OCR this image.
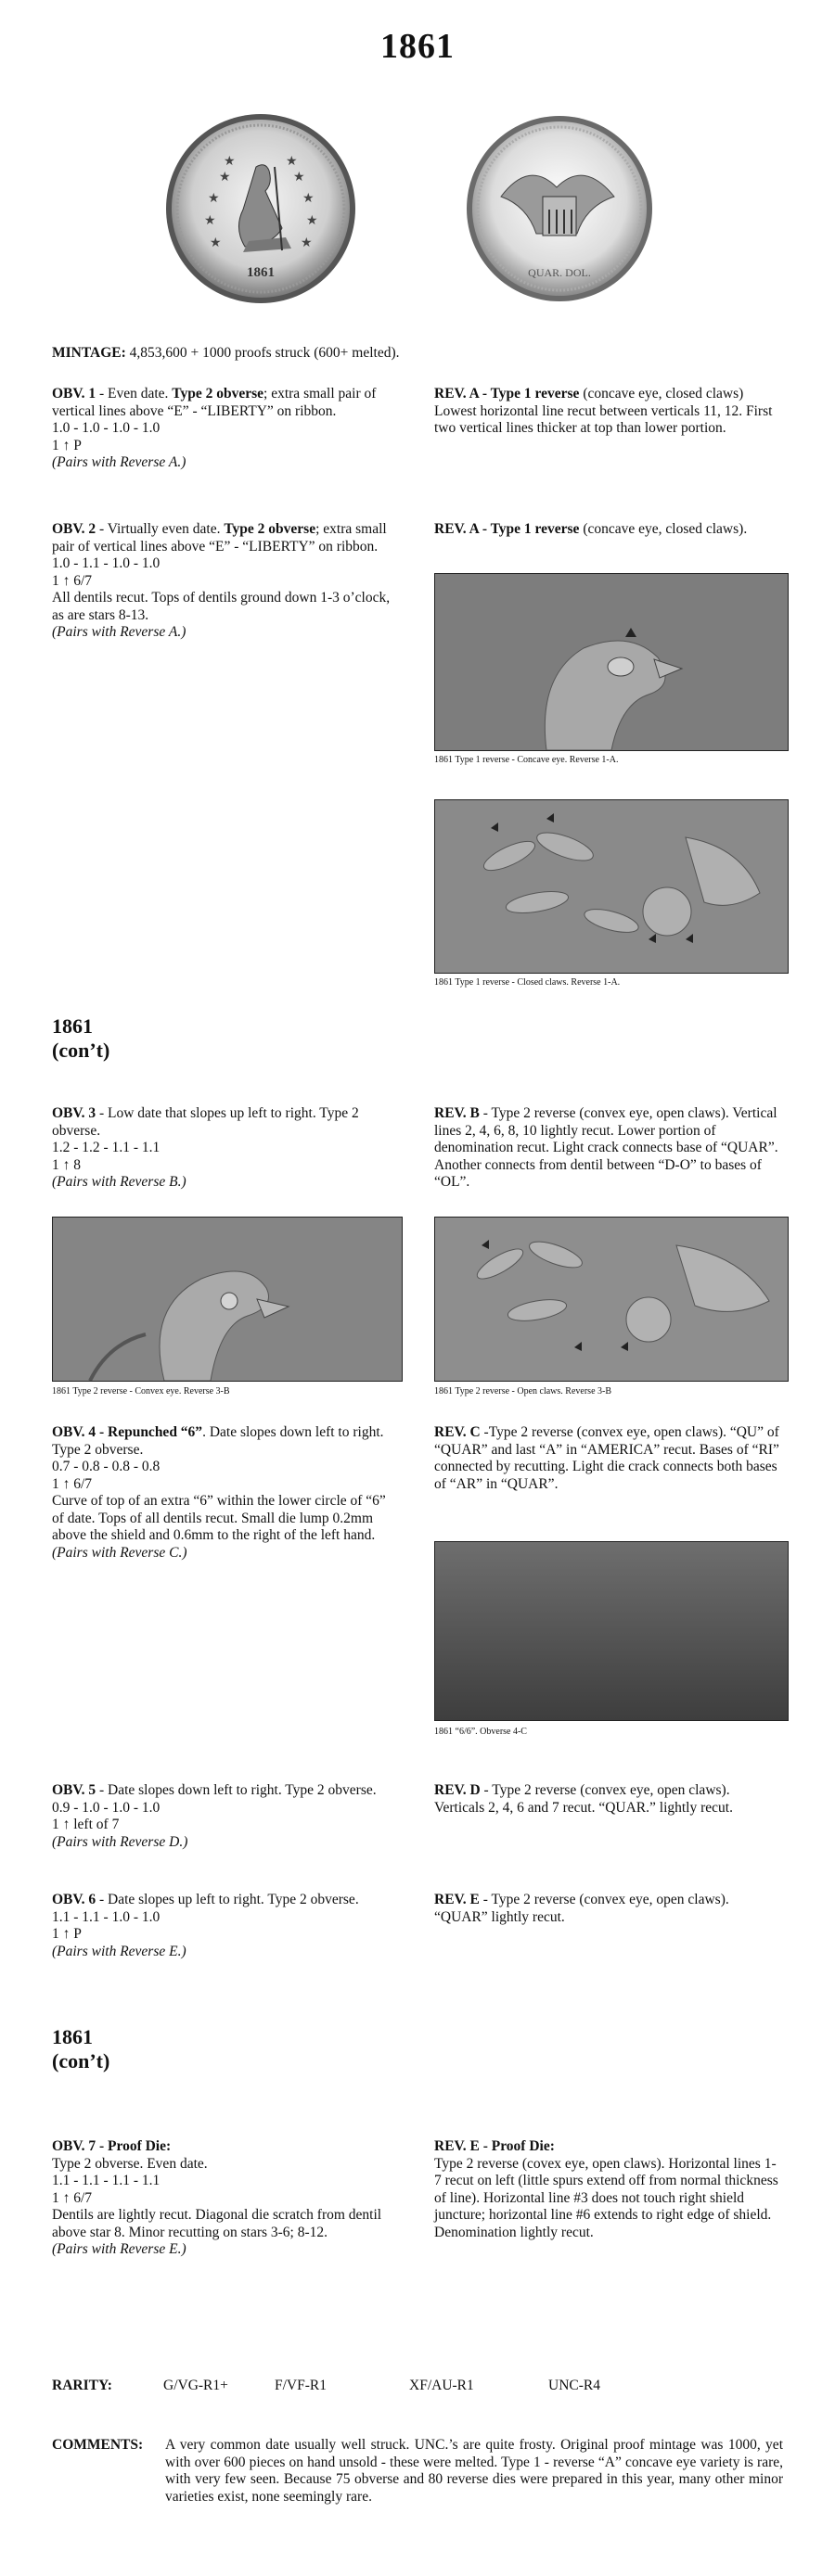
1861
★
★
★
★
★
★
★
★
★
★
1861	QUAR. DOL.
MINTAGE: 4,853,600 + 1000 proofs struck (600+ melted).
OBV. 1 - Even date. Type 2 obverse; extra small pair of vertical lines above “E” - “LIBERTY” on ribbon.
1.0 - 1.0 - 1.0 - 1.0
1 ↑ P
(Pairs with Reverse A.)
OBV. 2 - Virtually even date. Type 2 obverse; extra small pair of vertical lines above “E” - “LIBERTY” on ribbon.
1.0 - 1.1 - 1.0 - 1.0
1 ↑ 6/7
All dentils recut. Tops of dentils ground down 1-3 o’clock, as are stars 8-13.
(Pairs with Reverse A.)
REV. A - Type 1 reverse (concave eye, closed claws) Lowest horizontal line recut between verticals 11, 12. First two vertical lines thicker at top than lower portion.
REV. A - Type 1 reverse (concave eye, closed claws).
1861 Type 1 reverse - Concave eye. Reverse 1-A.
1861 Type 1 reverse - Closed claws. Reverse 1-A.
1861
(con’t)
OBV. 3 - Low date that slopes up left to right. Type 2 obverse.
1.2 - 1.2 - 1.1 - 1.1
1 ↑ 8
(Pairs with Reverse B.)
REV. B - Type 2 reverse (convex eye, open claws). Vertical lines 2, 4, 6, 8, 10 lightly recut. Lower portion of denomination recut. Light crack connects base of “QUAR”. Another connects from dentil between “D-O” to bases of “OL”.
1861 Type 2 reverse - Convex eye. Reverse 3-B	1861 Type 2 reverse - Open claws. Reverse 3-B
OBV. 4 - Repunched “6”. Date slopes down left to right. Type 2 obverse.
0.7 - 0.8 - 0.8 - 0.8
1 ↑ 6/7
Curve of top of an extra “6” within the lower circle of “6” of date. Tops of all dentils recut. Small die lump 0.2mm above the shield and 0.6mm to the right of the left hand.
(Pairs with Reverse C.)
REV. C -Type 2 reverse (convex eye, open claws). “QU” of “QUAR” and last “A” in “AMERICA” recut. Bases of “RI” connected by recutting. Light die crack connects both bases of “AR” in “QUAR”.
1861 “6/6”. Obverse 4-C
OBV. 5 - Date slopes down left to right. Type 2 obverse.
0.9 - 1.0 - 1.0 - 1.0
1 ↑ left of 7
(Pairs with Reverse D.)
REV. D - Type 2 reverse (convex eye, open claws). Verticals 2, 4, 6 and 7 recut. “QUAR.” lightly recut.
OBV. 6 - Date slopes up left to right. Type 2 obverse.
1.1 - 1.1 - 1.0 - 1.0
1 ↑ P
(Pairs with Reverse E.)
REV. E - Type 2 reverse (convex eye, open claws). “QUAR” lightly recut.
1861
(con’t)
OBV. 7 - Proof Die:
Type 2 obverse. Even date.
1.1 - 1.1 - 1.1 - 1.1
1 ↑ 6/7
Dentils are lightly recut. Diagonal die scratch from dentil above star 8. Minor recutting on stars 3-6; 8-12.
(Pairs with Reverse E.)
REV. E - Proof Die:
Type 2 reverse (covex eye, open claws). Horizontal lines 1-7 recut on left (little spurs extend off from normal thickness of line). Horizontal line #3 does not touch right shield juncture; horizontal line #6 extends to right edge of shield. Denomination lightly recut.
RARITY:	G/VG-R1+	F/VF-R1	XF/AU-R1	UNC-R4
COMMENTS:	A very common date usually well struck. UNC.’s are quite frosty. Original proof mintage was 1000, yet with over 600 pieces on hand unsold - these were melted. Type 1 - reverse “A” concave eye variety is rare, with very few seen. Because 75 obverse and 80 reverse dies were prepared in this year, many other minor varieties exist, none seemingly rare.
